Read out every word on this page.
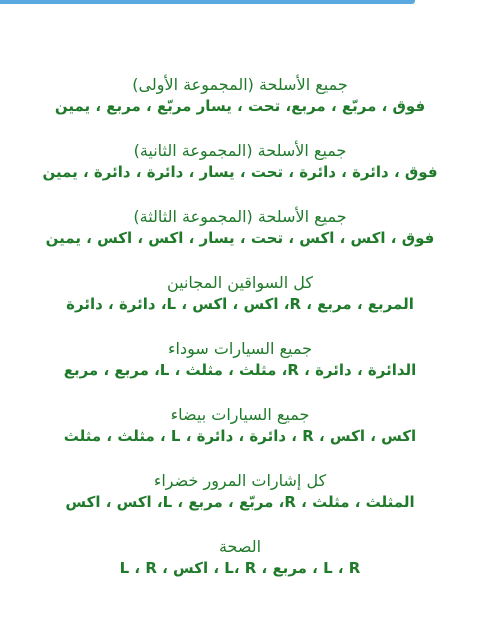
جميع الأسلحة (المجموعة الأولى)

فوق ، مربّع ، مربع، تحت ، يسار مربّع ، مربع ، يمين

جميع الأسلحة (المجموعة الثانية)

فوق ، دائرة ، دائرة ، تحت ، يسار ، دائرة ، دائرة ، يمين

جميع الأسلحة (المجموعة الثالثة)

فوق ، اكس ، اكس ، تحت ، يسار ، اكس ، اكس ، يمين

كل السواقين المجانين

المربع ، مربع ، R، اكس ، اكس ، L، دائرة ، دائرة

جميع السيارات سوداء

الدائرة ، دائرة ، R، مثلث ، مثلث ، L، مربع ، مربع

جميع السيارات بيضاء

اكس ، اكس ، R ، دائرة ، دائرة ، L ، مثلث ، مثلث

كل إشارات المرور خضراء

المثلث ، مثلث ، R، مربّع ، مربع ، L، اكس ، اكس

الصحة

L ، R ، مربع ، L، R ، اكس ، L ، R
